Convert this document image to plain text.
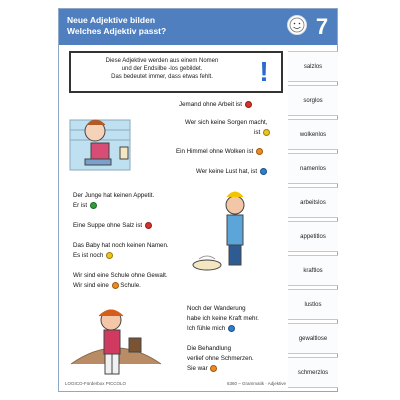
Neue Adjektive bilden
Welches Adjektiv passt?	7
Diese Adjektive werden aus einem Nomen
und der Endsilbe -los gebildet.
Das bedeutet immer, dass etwas fehlt.	!
Jemand ohne Arbeit ist
Wer sich keine Sorgen macht,
ist
Ein Himmel ohne Wolken ist
Wer keine Lust hat, ist
Der Junge hat keinen Appetit.
Er ist
Eine Suppe ohne Salz ist
Das Baby hat noch keinen Namen.
Es ist noch
Wir sind eine Schule ohne Gewalt.
Wir sind eine Schule.
Noch der Wanderung
habe ich keine Kraft mehr.
Ich fühle mich
Die Behandlung
verlief ohne Schmerzen.
Sie war
salzlos
sorglos
wolkenlos
namenlos
arbeitslos
appetitlos
kraftlos
lustlos
gewaltlose
schmerzlos
LOGICO-Förderbox PICCOLO	6360 – Grammatik · Adjektive
